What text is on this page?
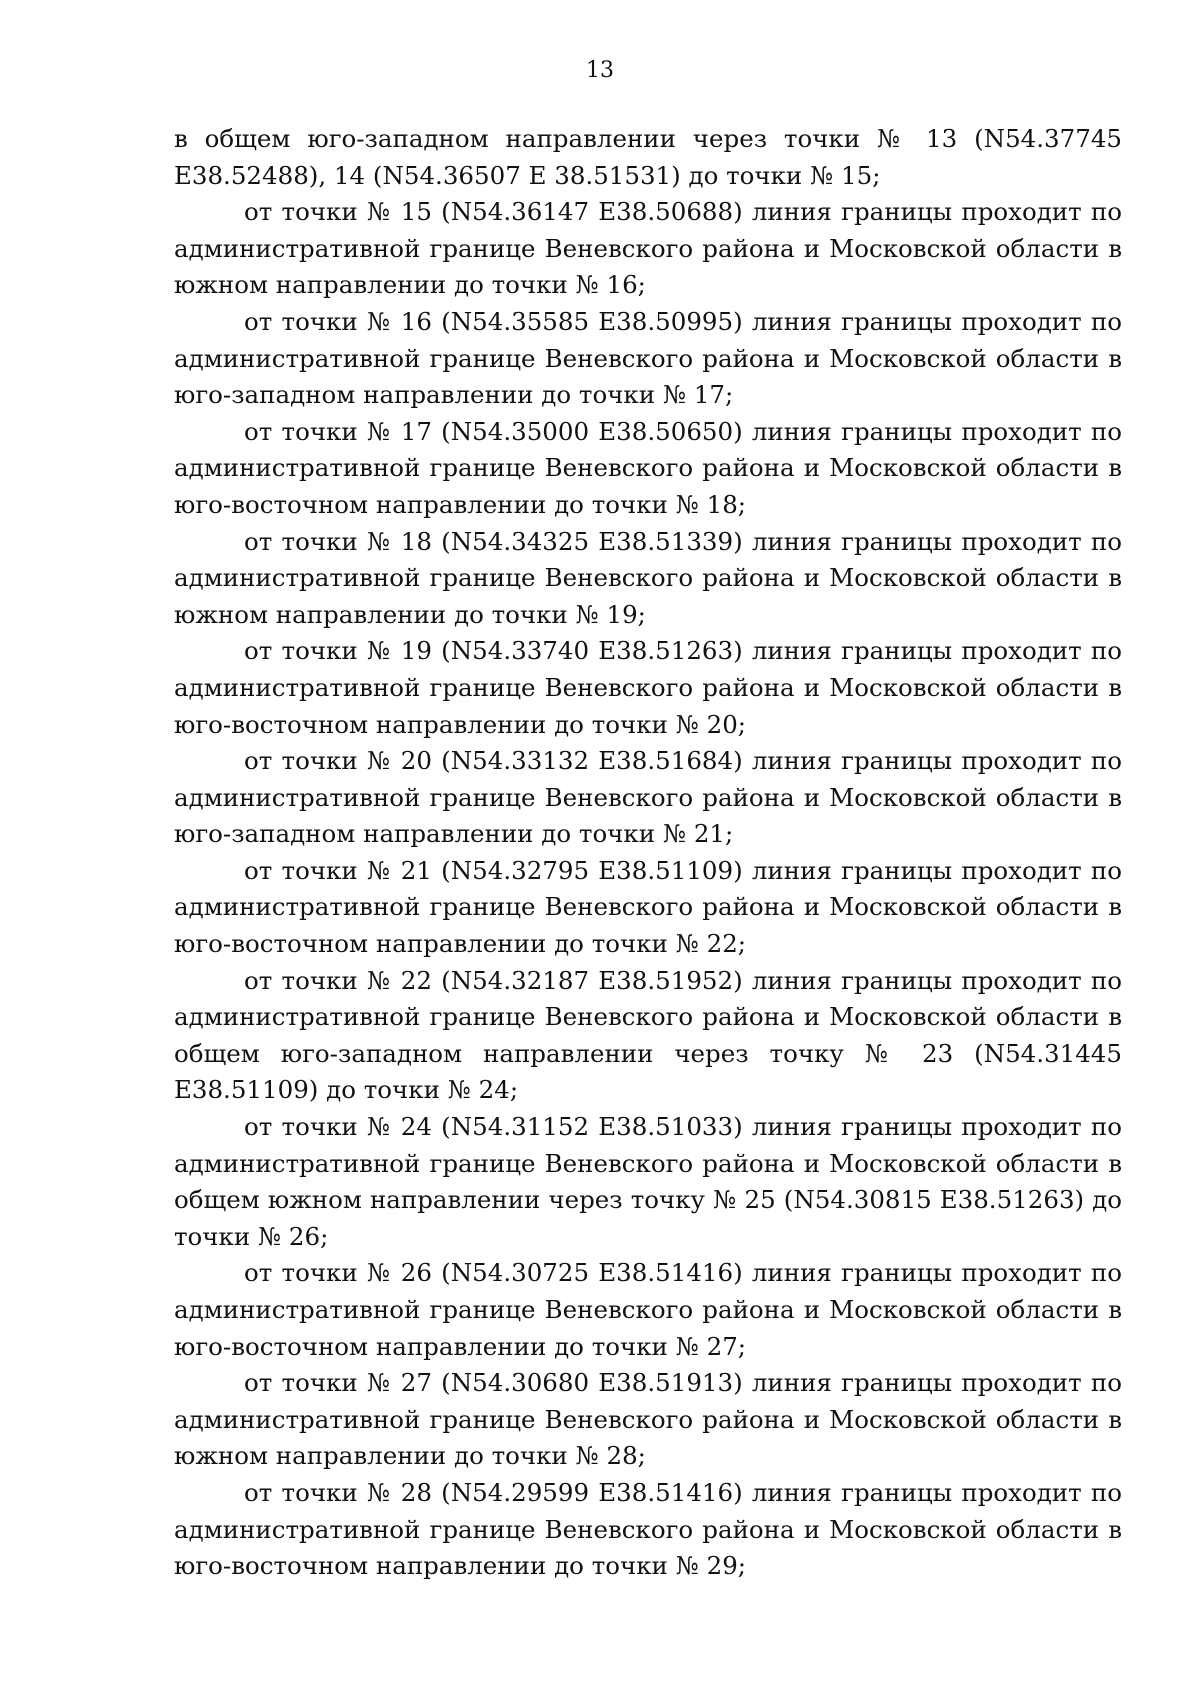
13

в общем юго-западном направлении через точки № 13 (N54.37745 E38.52488), 14 (N54.36507 E 38.51531) до точки № 15;

от точки № 15 (N54.36147 E38.50688) линия границы проходит по административной границе Веневского района и Московской области в южном направлении до точки № 16;

от точки № 16 (N54.35585 E38.50995) линия границы проходит по административной границе Веневского района и Московской области в юго-западном направлении до точки № 17;

от точки № 17 (N54.35000 E38.50650) линия границы проходит по административной границе Веневского района и Московской области в юго-восточном направлении до точки № 18;

от точки № 18 (N54.34325 E38.51339) линия границы проходит по административной границе Веневского района и Московской области в южном направлении до точки № 19;

от точки № 19 (N54.33740 E38.51263) линия границы проходит по административной границе Веневского района и Московской области в юго-восточном направлении до точки № 20;

от точки № 20 (N54.33132 E38.51684) линия границы проходит по административной границе Веневского района и Московской области в юго-западном направлении до точки № 21;

от точки № 21 (N54.32795 E38.51109) линия границы проходит по административной границе Веневского района и Московской области в юго-восточном направлении до точки № 22;

от точки № 22 (N54.32187 E38.51952) линия границы проходит по административной границе Веневского района и Московской области в общем юго-западном направлении через точку № 23 (N54.31445 E38.51109) до точки № 24;

от точки № 24 (N54.31152 E38.51033) линия границы проходит по административной границе Веневского района и Московской области в общем южном направлении через точку № 25 (N54.30815 E38.51263) до точки № 26;

от точки № 26 (N54.30725 E38.51416) линия границы проходит по административной границе Веневского района и Московской области в юго-восточном направлении до точки № 27;

от точки № 27 (N54.30680 E38.51913) линия границы проходит по административной границе Веневского района и Московской области в южном направлении до точки № 28;

от точки № 28 (N54.29599 E38.51416) линия границы проходит по административной границе Веневского района и Московской области в юго-восточном направлении до точки № 29;
